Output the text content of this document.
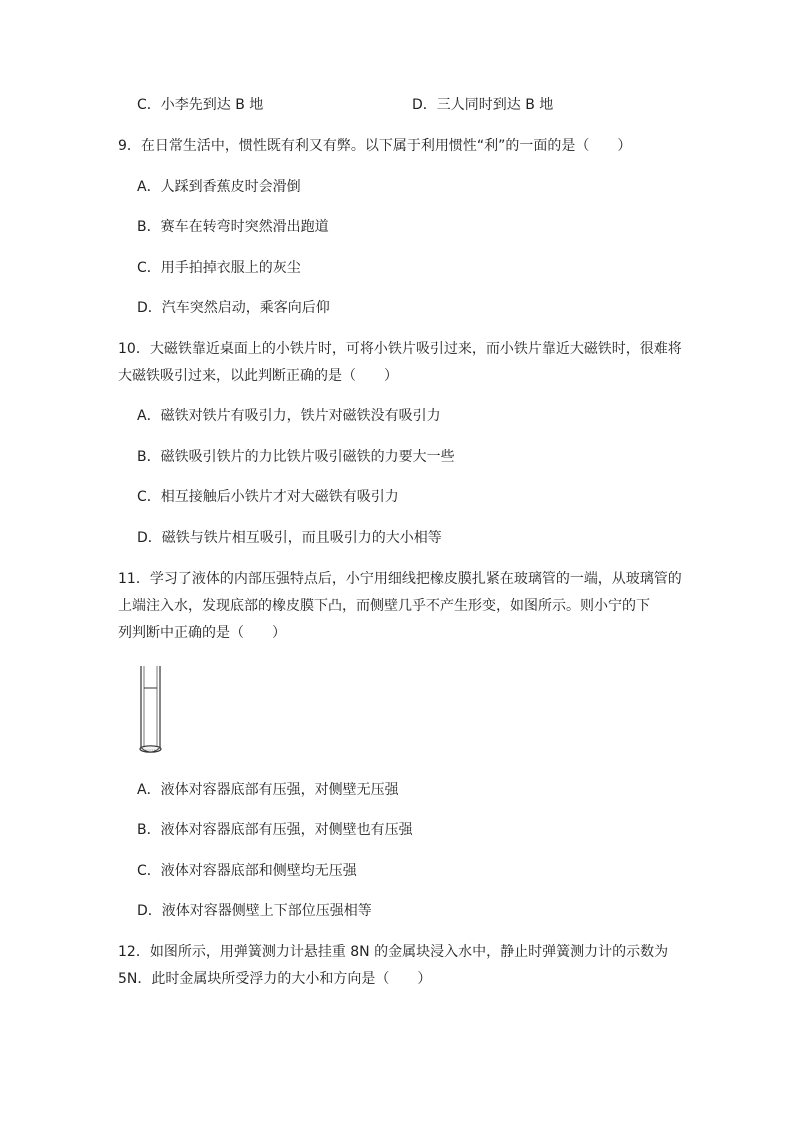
C．小李先到达 B 地	D．三人同时到达 B 地
9．在日常生活中，惯性既有利又有弊。以下属于利用惯性“利”的一面的是（　　）
A．人踩到香蕉皮时会滑倒
B．赛车在转弯时突然滑出跑道
C．用手拍掉衣服上的灰尘
D．汽车突然启动，乘客向后仰
10．大磁铁靠近桌面上的小铁片时，可将小铁片吸引过来，而小铁片靠近大磁铁时，很难将
大磁铁吸引过来，以此判断正确的是（　　）
A．磁铁对铁片有吸引力，铁片对磁铁没有吸引力
B．磁铁吸引铁片的力比铁片吸引磁铁的力要大一些
C．相互接触后小铁片才对大磁铁有吸引力
D．磁铁与铁片相互吸引，而且吸引力的大小相等
11．学习了液体的内部压强特点后，小宁用细线把橡皮膜扎紧在玻璃管的一端，从玻璃管的
上端注入水，发现底部的橡皮膜下凸，而侧壁几乎不产生形变，如图所示。则小宁的下
列判断中正确的是（　　）
A．液体对容器底部有压强，对侧壁无压强
B．液体对容器底部有压强，对侧壁也有压强
C．液体对容器底部和侧壁均无压强
D．液体对容器侧壁上下部位压强相等
12．如图所示，用弹簧测力计悬挂重 8N 的金属块浸入水中，静止时弹簧测力计的示数为
5N．此时金属块所受浮力的大小和方向是（　　）
